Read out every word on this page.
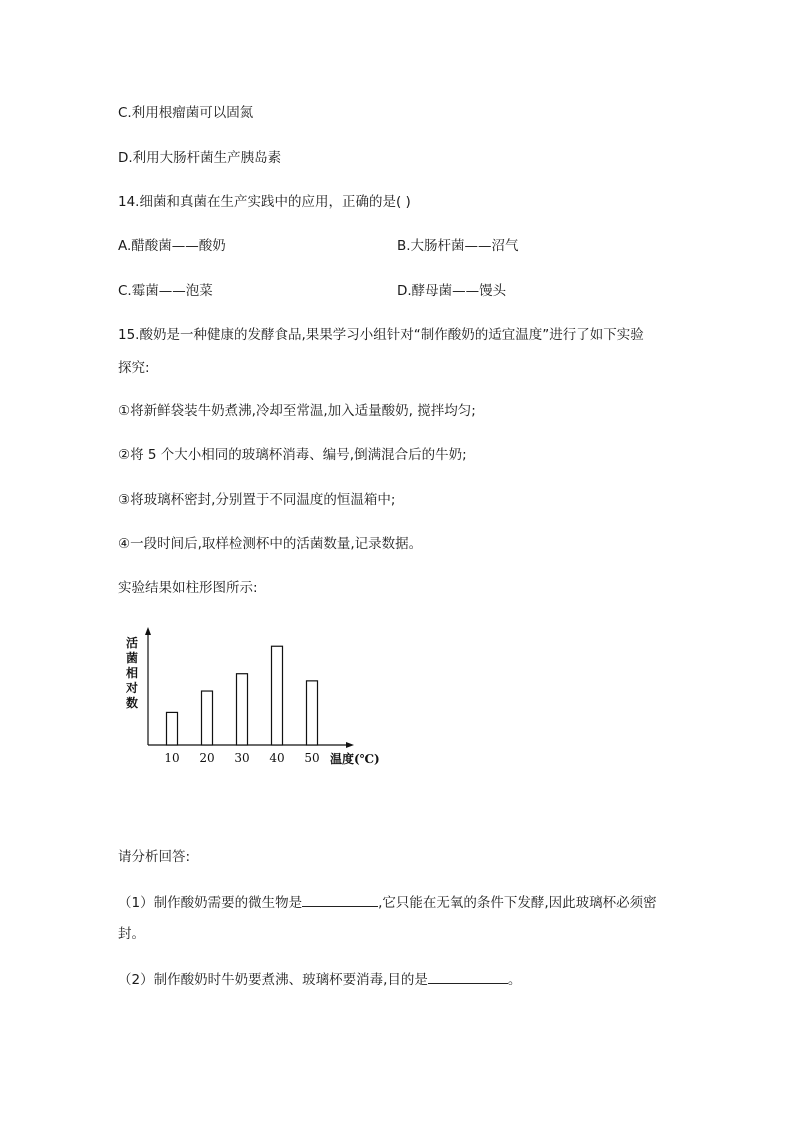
C.利用根瘤菌可以固氮
D.利用大肠杆菌生产胰岛素
14.细菌和真菌在生产实践中的应用，正确的是( )
A.醋酸菌——酸奶	B.大肠杆菌——沼气
C.霉菌——泡菜	D.酵母菌——馒头
15.酸奶是一种健康的发酵食品,果果学习小组针对“制作酸奶的适宜温度”进行了如下实验
探究:
①将新鲜袋装牛奶煮沸,冷却至常温,加入适量酸奶, 搅拌均匀;
②将 5 个大小相同的玻璃杯消毒、编号,倒满混合后的牛奶;
③将玻璃杯密封,分别置于不同温度的恒温箱中;
④一段时间后,取样检测杯中的活菌数量,记录数据。
实验结果如柱形图所示:
活
菌
相
对
数
10 20 30 40 50 温度(℃)
请分析回答:
（1）制作酸奶需要的微生物是	,它只能在无氧的条件下发酵,因此玻璃杯必须密
封。
（2）制作酸奶时牛奶要煮沸、玻璃杯要消毒,目的是	。
